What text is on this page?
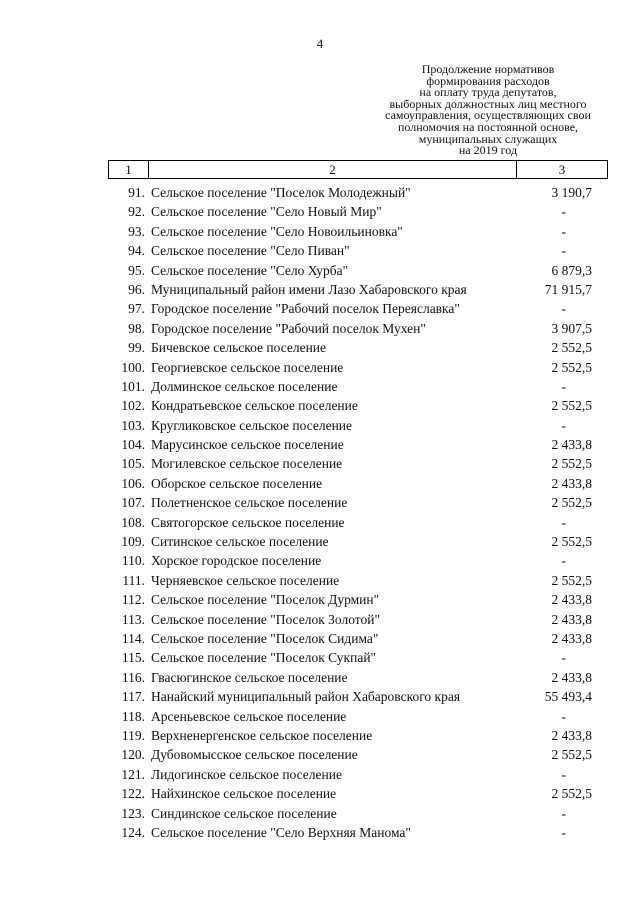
4
Продолжение нормативов
формирования расходов
на оплату труда депутатов,
выборных должностных лиц местного
самоуправления, осуществляющих свои
полномочия на постоянной основе,
муниципальных служащих
на 2019 год
1	2	3
91. Сельское поселение "Поселок Молодежный"	3 190,7
92. Сельское поселение "Село Новый Мир"	-
93. Сельское поселение "Село Новоильиновка"	-
94. Сельское поселение "Село Пиван"	-
95. Сельское поселение "Село Хурба"	6 879,3
96. Муниципальный район имени Лазо Хабаровского края	71 915,7
97. Городское поселение "Рабочий поселок Переяславка"	-
98. Городское поселение "Рабочий поселок Мухен"	3 907,5
99. Бичевское сельское поселение	2 552,5
100. Георгиевское сельское поселение	2 552,5
101. Долминское сельское поселение	-
102. Кондратьевское сельское поселение	2 552,5
103. Кругликовское сельское поселение	-
104. Марусинское сельское поселение	2 433,8
105. Могилевское сельское поселение	2 552,5
106. Оборское сельское поселение	2 433,8
107. Полетненское сельское поселение	2 552,5
108. Святогорское сельское поселение	-
109. Ситинское сельское поселение	2 552,5
110. Хорское городское поселение	-
111. Черняевское сельское поселение	2 552,5
112. Сельское поселение "Поселок Дурмин"	2 433,8
113. Сельское поселение "Поселок Золотой"	2 433,8
114. Сельское поселение "Поселок Сидима"	2 433,8
115. Сельское поселение "Поселок Сукпай"	-
116. Гвасюгинское сельское поселение	2 433,8
117. Нанайский муниципальный район Хабаровского края	55 493,4
118. Арсеньевское сельское поселение	-
119. Верхненергенское сельское поселение	2 433,8
120. Дубовомысское сельское поселение	2 552,5
121. Лидогинское сельское поселение	-
122. Найхинское сельское поселение	2 552,5
123. Синдинское сельское поселение	-
124. Сельское поселение "Село Верхняя Манома"	-
